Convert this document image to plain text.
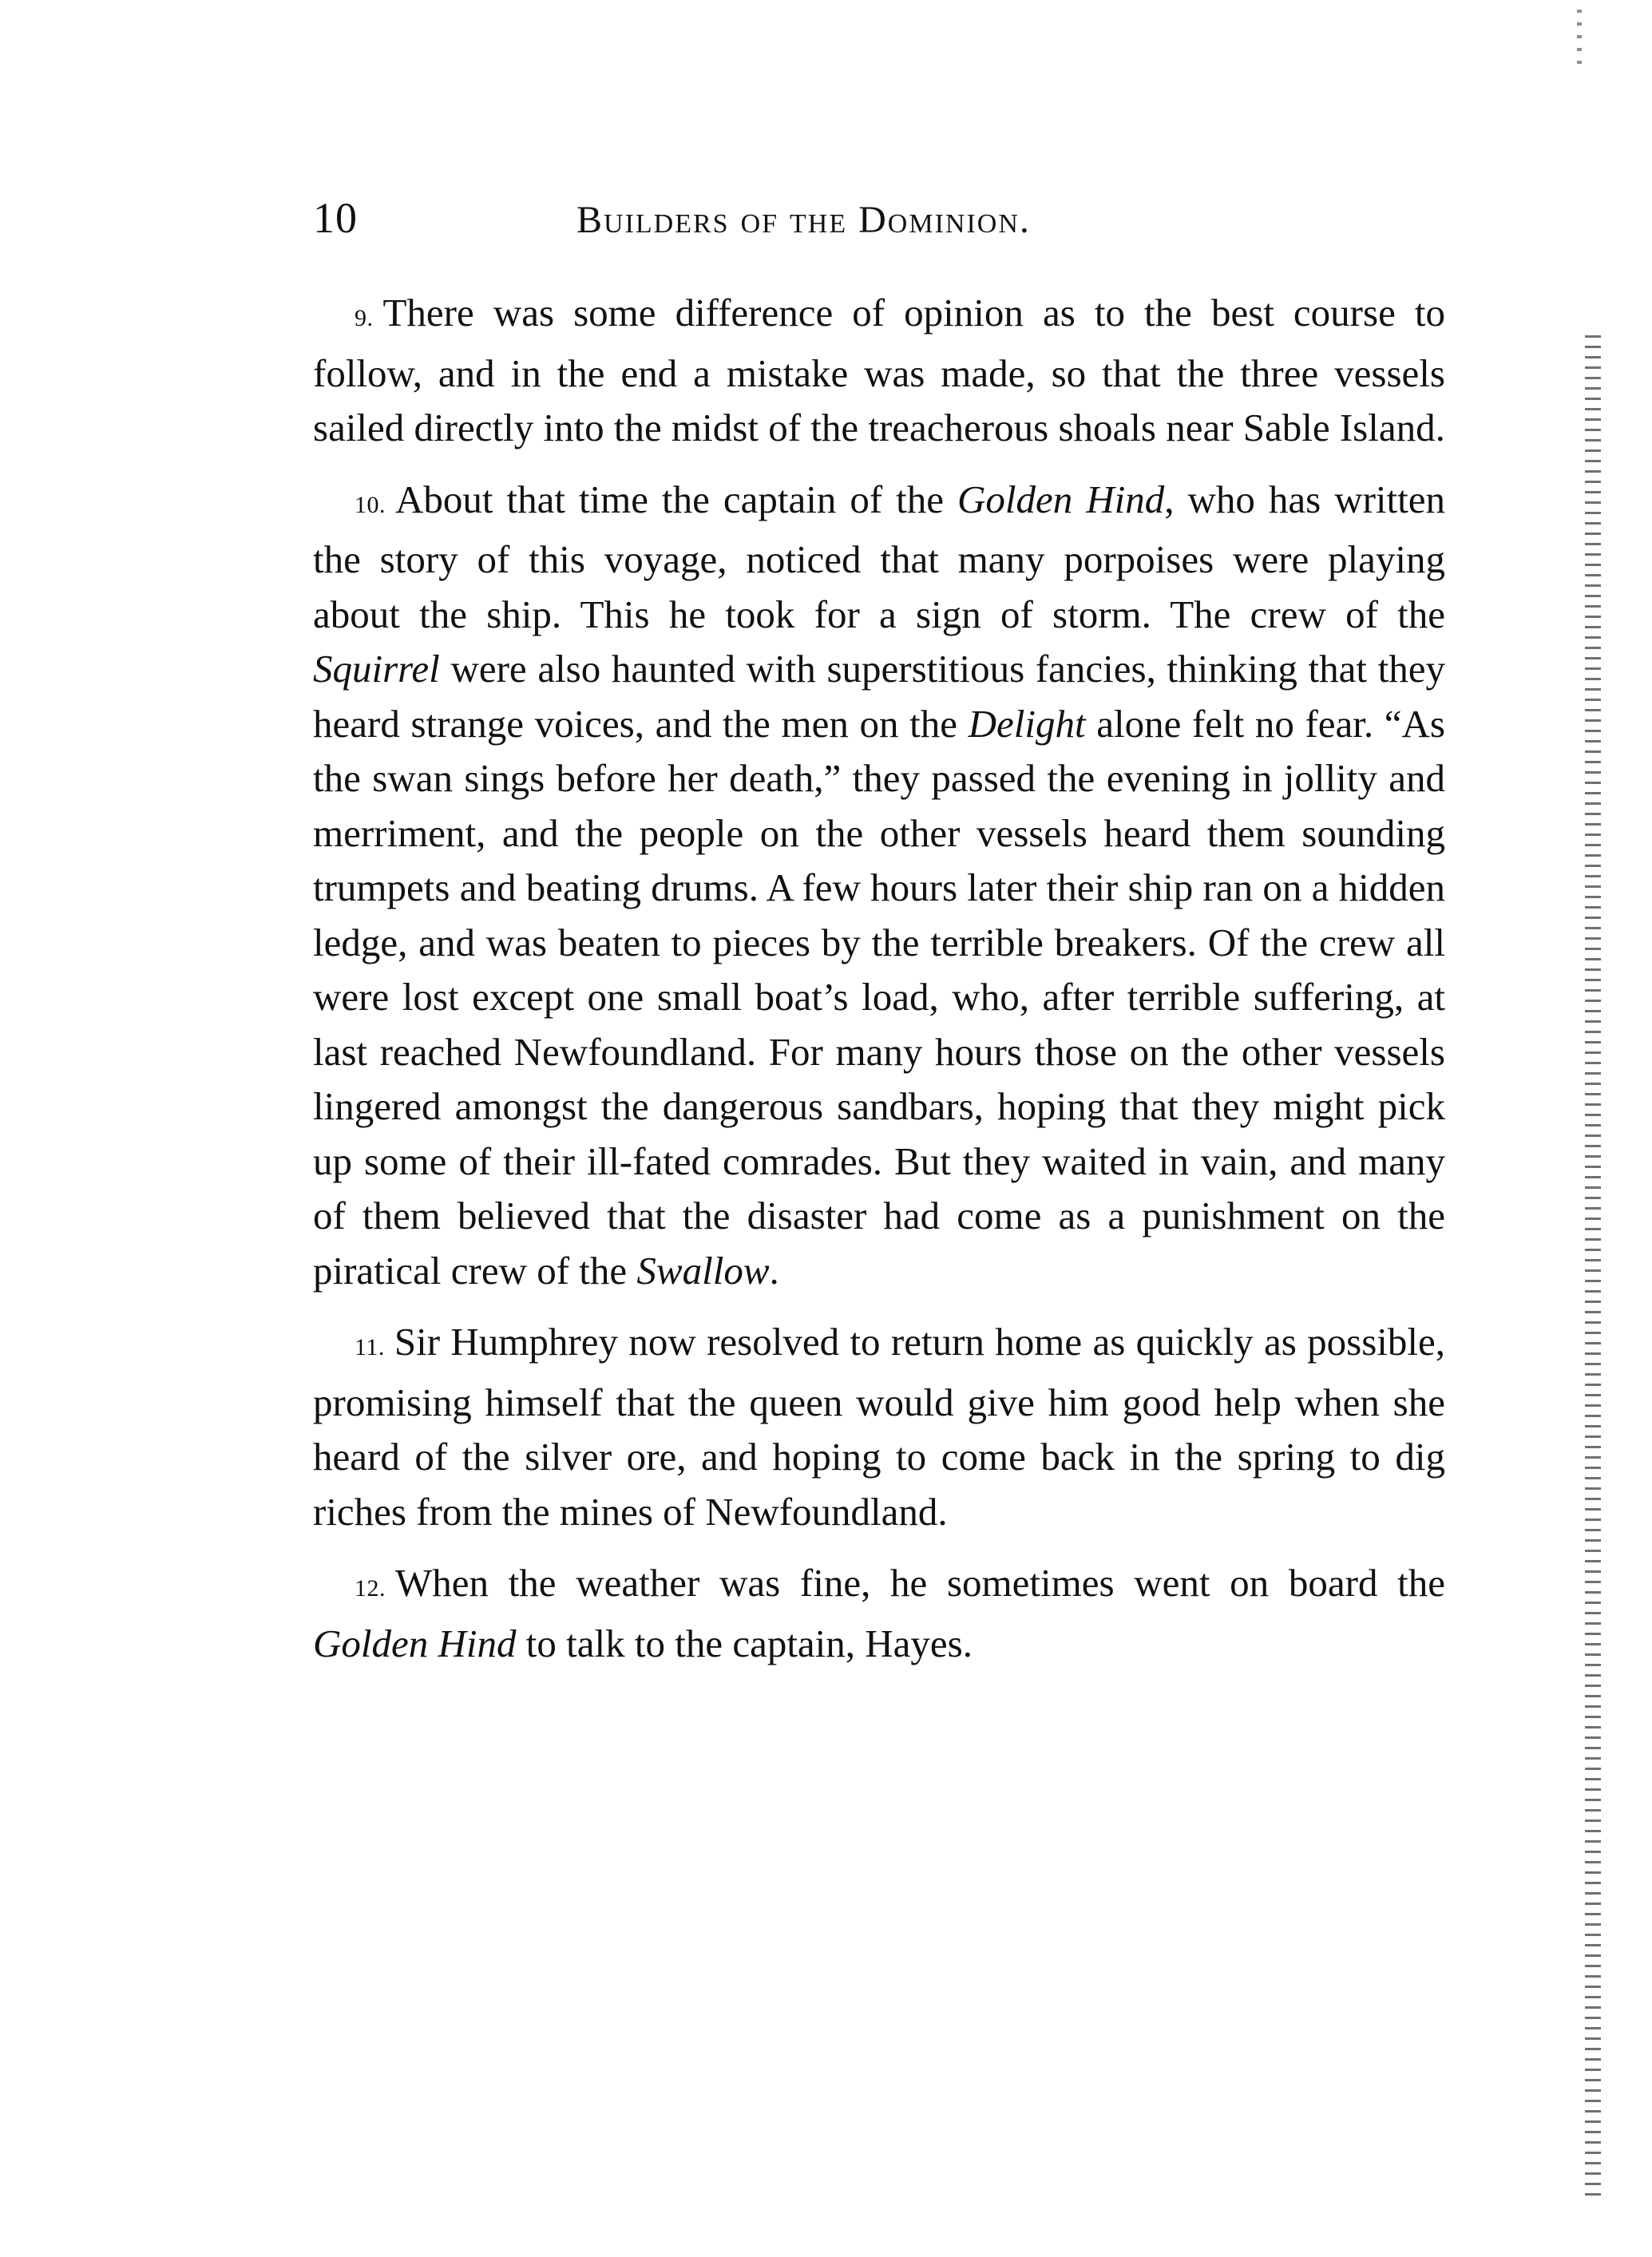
10	Builders of the Dominion.

9. There was some difference of opinion as to the best course to follow, and in the end a mistake was made, so that the three vessels sailed directly into the midst of the treacherous shoals near Sable Island.

10. About that time the captain of the Golden Hind, who has written the story of this voyage, noticed that many porpoises were playing about the ship. This he took for a sign of storm. The crew of the Squirrel were also haunted with superstitious fancies, thinking that they heard strange voices, and the men on the Delight alone felt no fear. “As the swan sings before her death,” they passed the evening in jollity and merriment, and the people on the other vessels heard them sounding trumpets and beating drums. A few hours later their ship ran on a hidden ledge, and was beaten to pieces by the terrible breakers. Of the crew all were lost except one small boat’s load, who, after terrible suffering, at last reached Newfoundland. For many hours those on the other vessels lingered amongst the dangerous sandbars, hoping that they might pick up some of their ill-fated comrades. But they waited in vain, and many of them believed that the disaster had come as a punishment on the piratical crew of the Swallow.

11. Sir Humphrey now resolved to return home as quickly as possible, promising himself that the queen would give him good help when she heard of the silver ore, and hoping to come back in the spring to dig riches from the mines of Newfoundland.

12. When the weather was fine, he sometimes went on board the Golden Hind to talk to the captain, Hayes.
